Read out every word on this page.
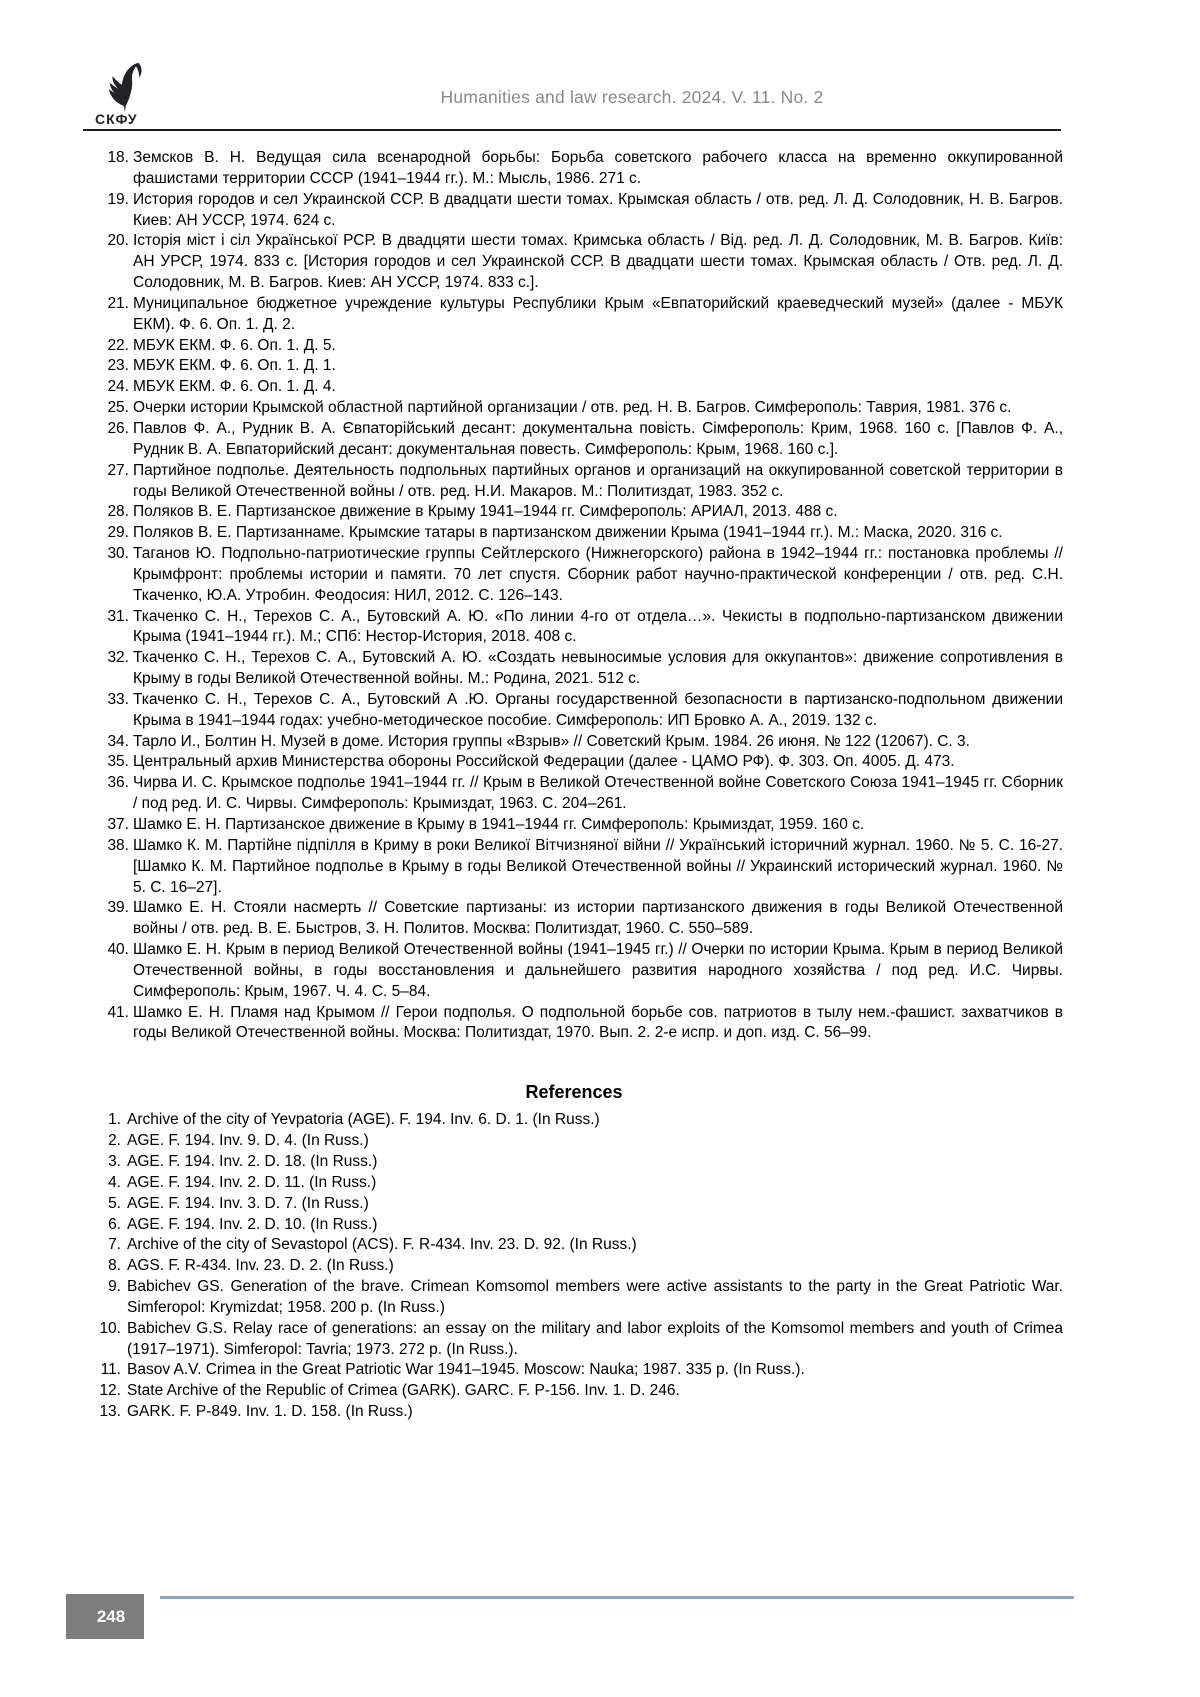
СКФУ
Humanities and law research. 2024. V. 11. No. 2
18. Земсков В. Н. Ведущая сила всенародной борьбы: Борьба советского рабочего класса на временно оккупированной фашистами территории СССР (1941–1944 гг.). М.: Мысль, 1986. 271 с.
19. История городов и сел Украинской ССР. В двадцати шести томах. Крымская область / отв. ред. Л. Д. Солодовник, Н. В. Багров. Киев: АН УССР, 1974. 624 с.
20. Історія міст і сіл Української РСР. В двадцяти шести томах. Кримська область / Від. ред. Л. Д. Солодовник, М. В. Багров. Київ: АН УРСР, 1974. 833 с. [История городов и сел Украинской ССР. В двадцати шести томах. Крымская область / Отв. ред. Л. Д. Солодовник, М. В. Багров. Киев: АН УССР, 1974. 833 с.].
21. Муниципальное бюджетное учреждение культуры Республики Крым «Евпаторийский краеведческий музей» (далее - МБУК ЕКМ). Ф. 6. Оп. 1. Д. 2.
22. МБУК ЕКМ. Ф. 6. Оп. 1. Д. 5.
23. МБУК ЕКМ. Ф. 6. Оп. 1. Д. 1.
24. МБУК ЕКМ. Ф. 6. Оп. 1. Д. 4.
25. Очерки истории Крымской областной партийной организации / отв. ред. Н. В. Багров. Симферополь: Таврия, 1981. 376 с.
26. Павлов Ф. А., Рудник В. А. Євпаторійський десант: документальна повість. Сімферополь: Крим, 1968. 160 с. [Павлов Ф. А., Рудник В. А. Евпаторийский десант: документальная повесть. Симферополь: Крым, 1968. 160 с.].
27. Партийное подполье. Деятельность подпольных партийных органов и организаций на оккупированной советской территории в годы Великой Отечественной войны / отв. ред. Н.И. Макаров. М.: Политиздат, 1983. 352 с.
28. Поляков В. Е. Партизанское движение в Крыму 1941–1944 гг. Симферополь: АРИАЛ, 2013. 488 с.
29. Поляков В. Е. Партизаннаме. Крымские татары в партизанском движении Крыма (1941–1944 гг.). М.: Маска, 2020. 316 с.
30. Таганов Ю. Подпольно-патриотические группы Сейтлерского (Нижнегорского) района в 1942–1944 гг.: постановка проблемы // Крымфронт: проблемы истории и памяти. 70 лет спустя. Сборник работ научно-практической конференции / отв. ред. С.Н. Ткаченко, Ю.А. Утробин. Феодосия: НИЛ, 2012. С. 126–143.
31. Ткаченко С. Н., Терехов С. А., Бутовский А. Ю. «По линии 4-го от отдела…». Чекисты в подпольно-партизанском движении Крыма (1941–1944 гг.). М.; СПб: Нестор-История, 2018. 408 с.
32. Ткаченко С. Н., Терехов С. А., Бутовский А. Ю. «Создать невыносимые условия для оккупантов»: движение сопротивления в Крыму в годы Великой Отечественной войны. М.: Родина, 2021. 512 с.
33. Ткаченко С. Н., Терехов С. А., Бутовский А .Ю. Органы государственной безопасности в партизанско-подпольном движении Крыма в 1941–1944 годах: учебно-методическое пособие. Симферополь: ИП Бровко А. А., 2019. 132 с.
34. Тарло И., Болтин Н. Музей в доме. История группы «Взрыв» // Советский Крым. 1984. 26 июня. № 122 (12067). С. 3.
35. Центральный архив Министерства обороны Российской Федерации (далее - ЦАМО РФ). Ф. 303. Оп. 4005. Д. 473.
36. Чирва И. С. Крымское подполье 1941–1944 гг. // Крым в Великой Отечественной войне Советского Союза 1941–1945 гг. Сборник / под ред. И. С. Чирвы. Симферополь: Крымиздат, 1963. С. 204–261.
37. Шамко Е. Н. Партизанское движение в Крыму в 1941–1944 гг. Симферополь: Крымиздат, 1959. 160 с.
38. Шамко К. М. Партійне підпілля в Криму в роки Великої Вітчизняної війни // Український історичний журнал. 1960. № 5. С. 16-27. [Шамко К. М. Партийное подполье в Крыму в годы Великой Отечественной войны // Украинский исторический журнал. 1960. № 5. С. 16–27].
39. Шамко Е. Н. Стояли насмерть // Советские партизаны: из истории партизанского движения в годы Великой Отечественной войны / отв. ред. В. Е. Быстров, З. Н. Политов. Москва: Политиздат, 1960. С. 550–589.
40. Шамко Е. Н. Крым в период Великой Отечественной войны (1941–1945 гг.) // Очерки по истории Крыма. Крым в период Великой Отечественной войны, в годы восстановления и дальнейшего развития народного хозяйства / под ред. И.С. Чирвы. Симферополь: Крым, 1967. Ч. 4. С. 5–84.
41. Шамко Е. Н. Пламя над Крымом // Герои подполья. О подпольной борьбе сов. патриотов в тылу нем.-фашист. захватчиков в годы Великой Отечественной войны. Москва: Политиздат, 1970. Вып. 2. 2-е испр. и доп. изд. С. 56–99.
References
1. Archive of the city of Yevpatoria (AGE). F. 194. Inv. 6. D. 1. (In Russ.)
2. AGE. F. 194. Inv. 9. D. 4. (In Russ.)
3. AGE. F. 194. Inv. 2. D. 18. (In Russ.)
4. AGE. F. 194. Inv. 2. D. 11. (In Russ.)
5. AGE. F. 194. Inv. 3. D. 7. (In Russ.)
6. AGE. F. 194. Inv. 2. D. 10. (In Russ.)
7. Archive of the city of Sevastopol (ACS). F. R-434. Inv. 23. D. 92. (In Russ.)
8. AGS. F. R-434. Inv. 23. D. 2. (In Russ.)
9. Babichev GS. Generation of the brave. Crimean Komsomol members were active assistants to the party in the Great Patriotic War. Simferopol: Krymizdat; 1958. 200 p. (In Russ.)
10. Babichev G.S. Relay race of generations: an essay on the military and labor exploits of the Komsomol members and youth of Crimea (1917–1971). Simferopol: Tavria; 1973. 272 p. (In Russ.).
11. Basov A.V. Crimea in the Great Patriotic War 1941–1945. Moscow: Nauka; 1987. 335 p. (In Russ.).
12. State Archive of the Republic of Crimea (GARK). GARC. F. P-156. Inv. 1. D. 246.
13. GARK. F. P-849. Inv. 1. D. 158. (In Russ.)
248
